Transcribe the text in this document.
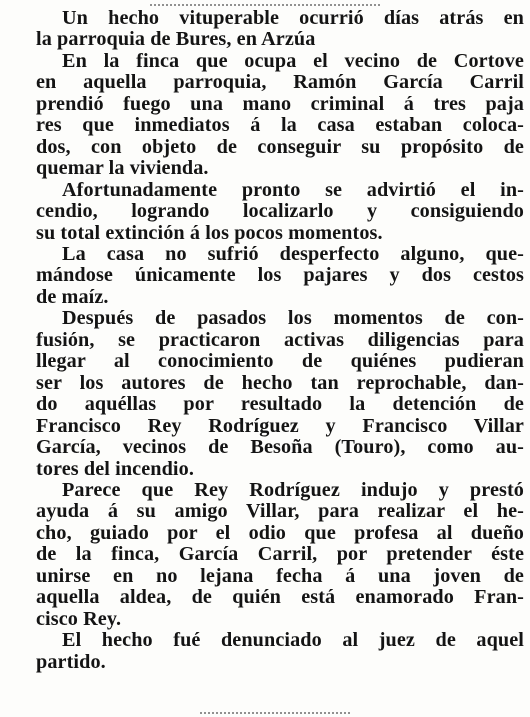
Un hecho vituperable ocurrió días atrás en
la parroquia de Bures, en Arzúa
En la finca que ocupa el vecino de Cortove
en aquella parroquia, Ramón García Carril
prendió fuego una mano criminal á tres paja
res que inmediatos á la casa estaban coloca-
dos, con objeto de conseguir su propósito de
quemar la vivienda.
Afortunadamente pronto se advirtió el in-
cendio, logrando localizarlo y consiguiendo
su total extinción á los pocos momentos.
La casa no sufrió desperfecto alguno, que-
mándose únicamente los pajares y dos cestos
de maíz.
Después de pasados los momentos de con-
fusión, se practicaron activas diligencias para
llegar al conocimiento de quiénes pudieran
ser los autores de hecho tan reprochable, dan-
do aquéllas por resultado la detención de
Francisco Rey Rodríguez y Francisco Villar
García, vecinos de Besoña (Touro), como au-
tores del incendio.
Parece que Rey Rodríguez indujo y prestó
ayuda á su amigo Villar, para realizar el he-
cho, guiado por el odio que profesa al dueño
de la finca, García Carril, por pretender éste
unirse en no lejana fecha á una joven de
aquella aldea, de quién está enamorado Fran-
cisco Rey.
El hecho fué denunciado al juez de aquel
partido.
